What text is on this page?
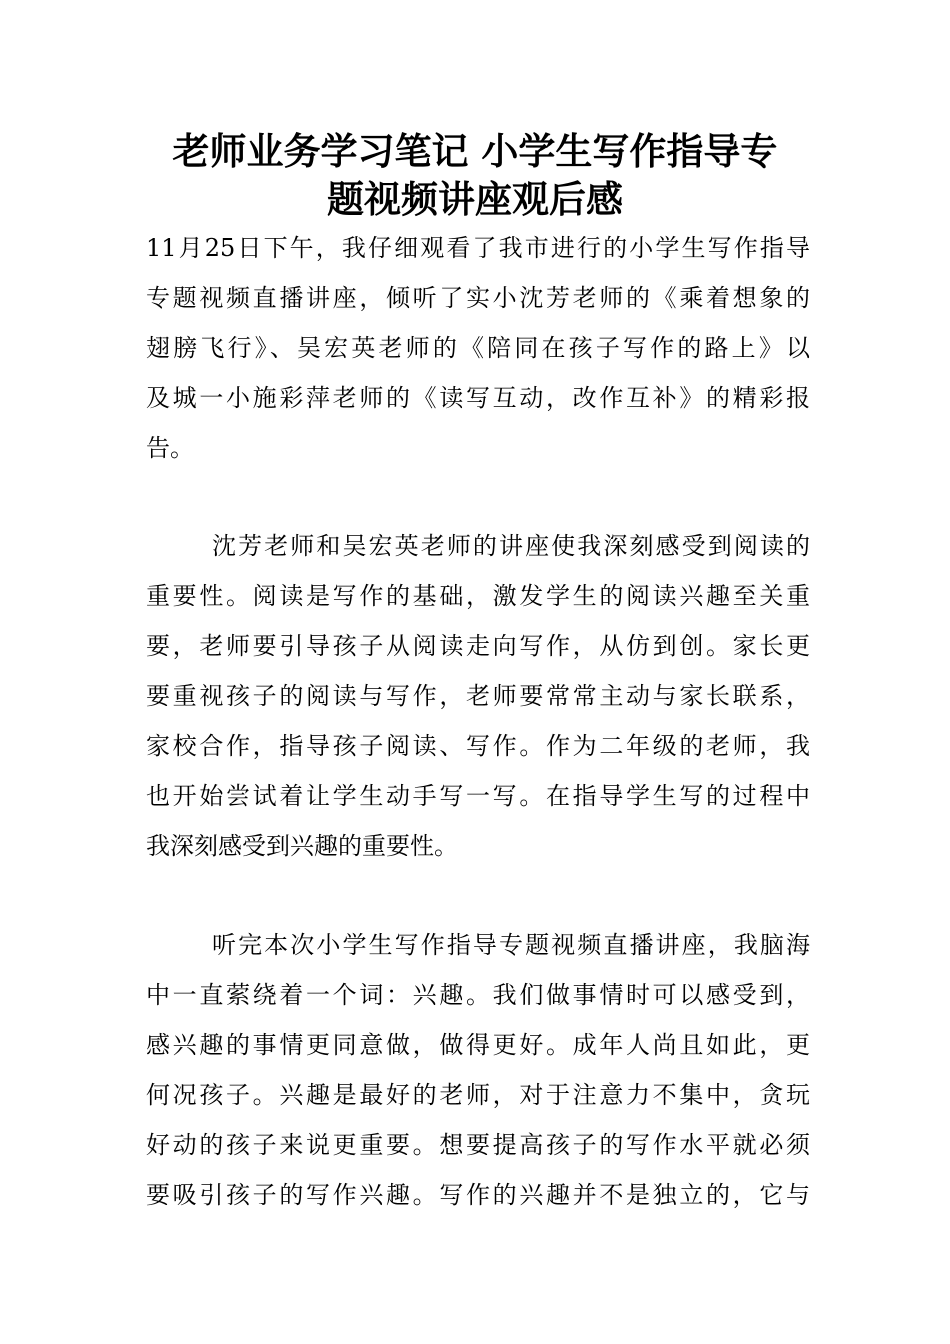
老师业务学习笔记 小学生写作指导专
题视频讲座观后感
11月25日下午，我仔细观看了我市进行的小学生写作指导
专题视频直播讲座，倾听了实小沈芳老师的《乘着想象的
翅膀飞行》、吴宏英老师的《陪同在孩子写作的路上》以
及城一小施彩萍老师的《读写互动，改作互补》的精彩报
告。
沈芳老师和吴宏英老师的讲座使我深刻感受到阅读的
重要性。阅读是写作的基础，激发学生的阅读兴趣至关重
要，老师要引导孩子从阅读走向写作，从仿到创。家长更
要重视孩子的阅读与写作，老师要常常主动与家长联系，
家校合作，指导孩子阅读、写作。作为二年级的老师，我
也开始尝试着让学生动手写一写。在指导学生写的过程中
我深刻感受到兴趣的重要性。
听完本次小学生写作指导专题视频直播讲座，我脑海
中一直萦绕着一个词：兴趣。我们做事情时可以感受到，
感兴趣的事情更同意做，做得更好。成年人尚且如此，更
何况孩子。兴趣是最好的老师，对于注意力不集中，贪玩
好动的孩子来说更重要。想要提高孩子的写作水平就必须
要吸引孩子的写作兴趣。写作的兴趣并不是独立的，它与
